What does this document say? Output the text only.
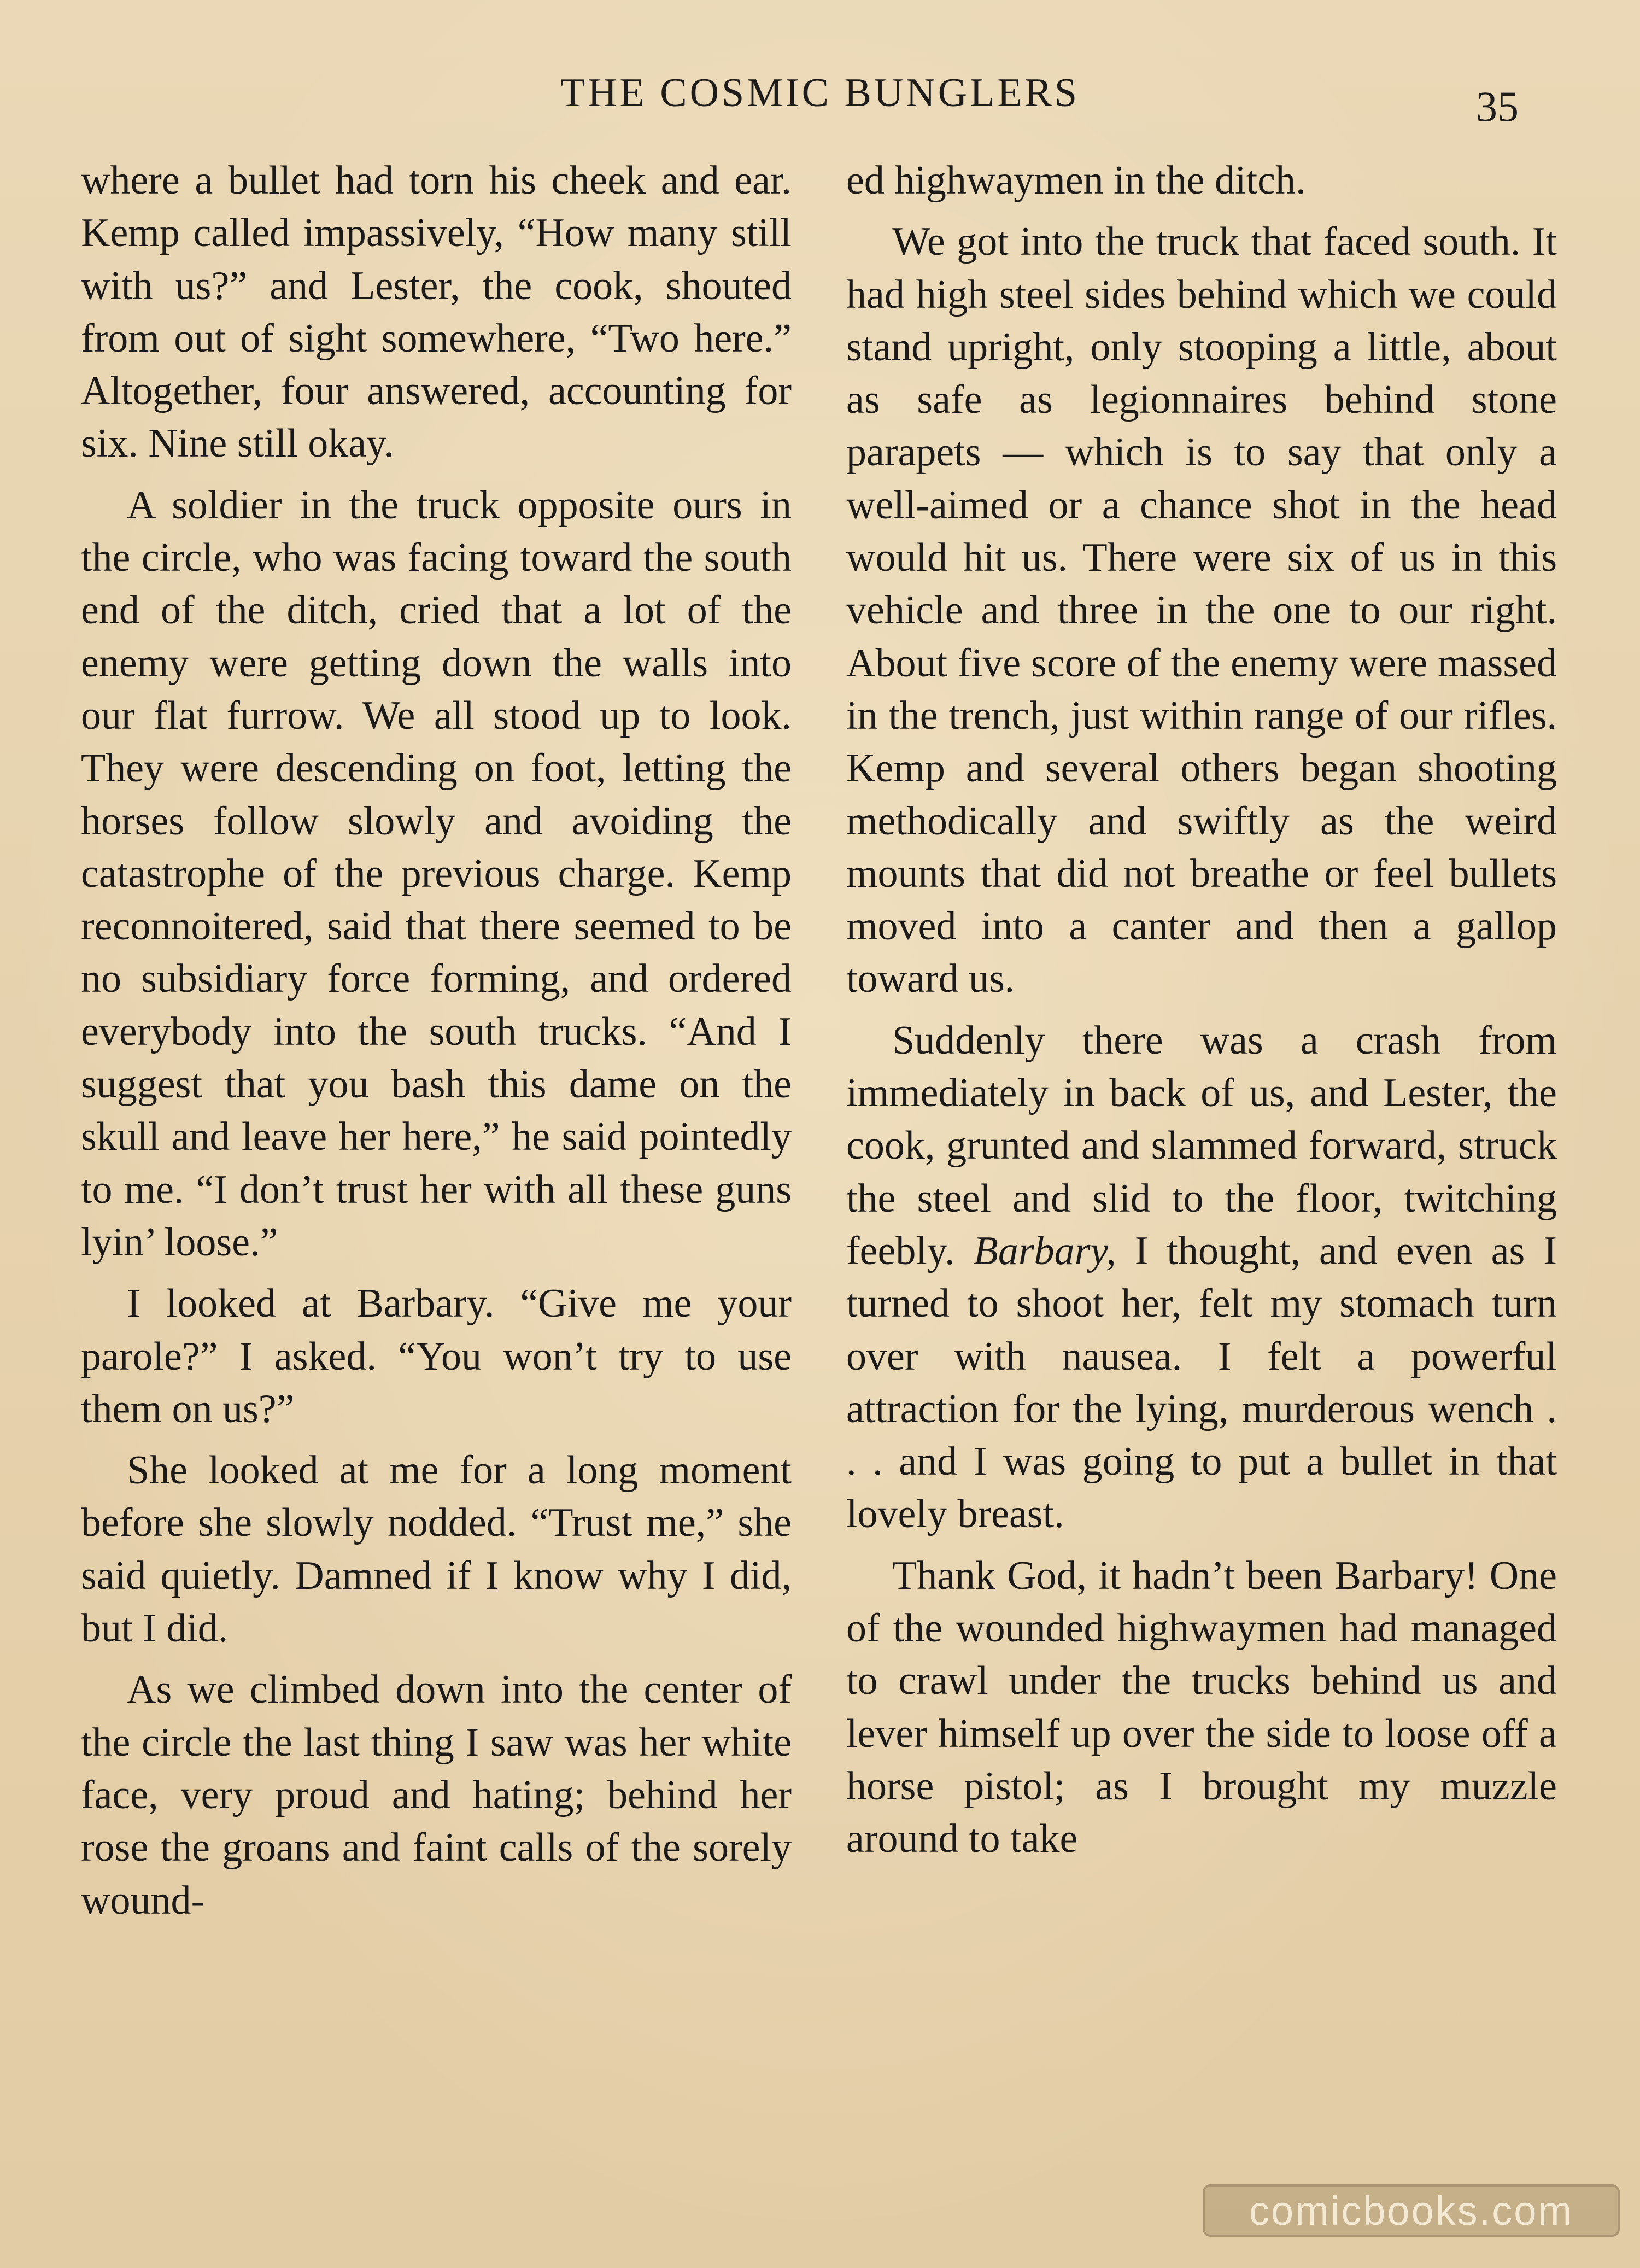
THE COSMIC BUNGLERS	35

where a bullet had torn his cheek and ear. Kemp called impassively, “How many still with us?” and Lester, the cook, shouted from out of sight somewhere, “Two here.” Altogether, four answered, accounting for six. Nine still okay.

A soldier in the truck opposite ours in the circle, who was facing toward the south end of the ditch, cried that a lot of the enemy were getting down the walls into our flat furrow. We all stood up to look. They were descending on foot, letting the horses follow slowly and avoiding the catastrophe of the previous charge. Kemp reconnoitered, said that there seemed to be no subsidiary force forming, and ordered everybody into the south trucks. “And I suggest that you bash this dame on the skull and leave her here,” he said pointedly to me. “I don’t trust her with all these guns lyin’ loose.”

I looked at Barbary. “Give me your parole?” I asked. “You won’t try to use them on us?”

She looked at me for a long moment before she slowly nodded. “Trust me,” she said quietly. Damned if I know why I did, but I did.

As we climbed down into the center of the circle the last thing I saw was her white face, very proud and hating; behind her rose the groans and faint calls of the sorely wound-

ed highwaymen in the ditch.

We got into the truck that faced south. It had high steel sides behind which we could stand upright, only stooping a little, about as safe as legionnaires behind stone parapets — which is to say that only a well-aimed or a chance shot in the head would hit us. There were six of us in this vehicle and three in the one to our right. About five score of the enemy were massed in the trench, just within range of our rifles. Kemp and several others began shooting methodically and swiftly as the weird mounts that did not breathe or feel bullets moved into a canter and then a gallop toward us.

Suddenly there was a crash from immediately in back of us, and Lester, the cook, grunted and slammed forward, struck the steel and slid to the floor, twitching feebly. Barbary, I thought, and even as I turned to shoot her, felt my stomach turn over with nausea. I felt a powerful attraction for the lying, murderous wench . . . and I was going to put a bullet in that lovely breast.

Thank God, it hadn’t been Barbary! One of the wounded highwaymen had managed to crawl under the trucks behind us and lever himself up over the side to loose off a horse pistol; as I brought my muzzle around to take

comicbooks.com
